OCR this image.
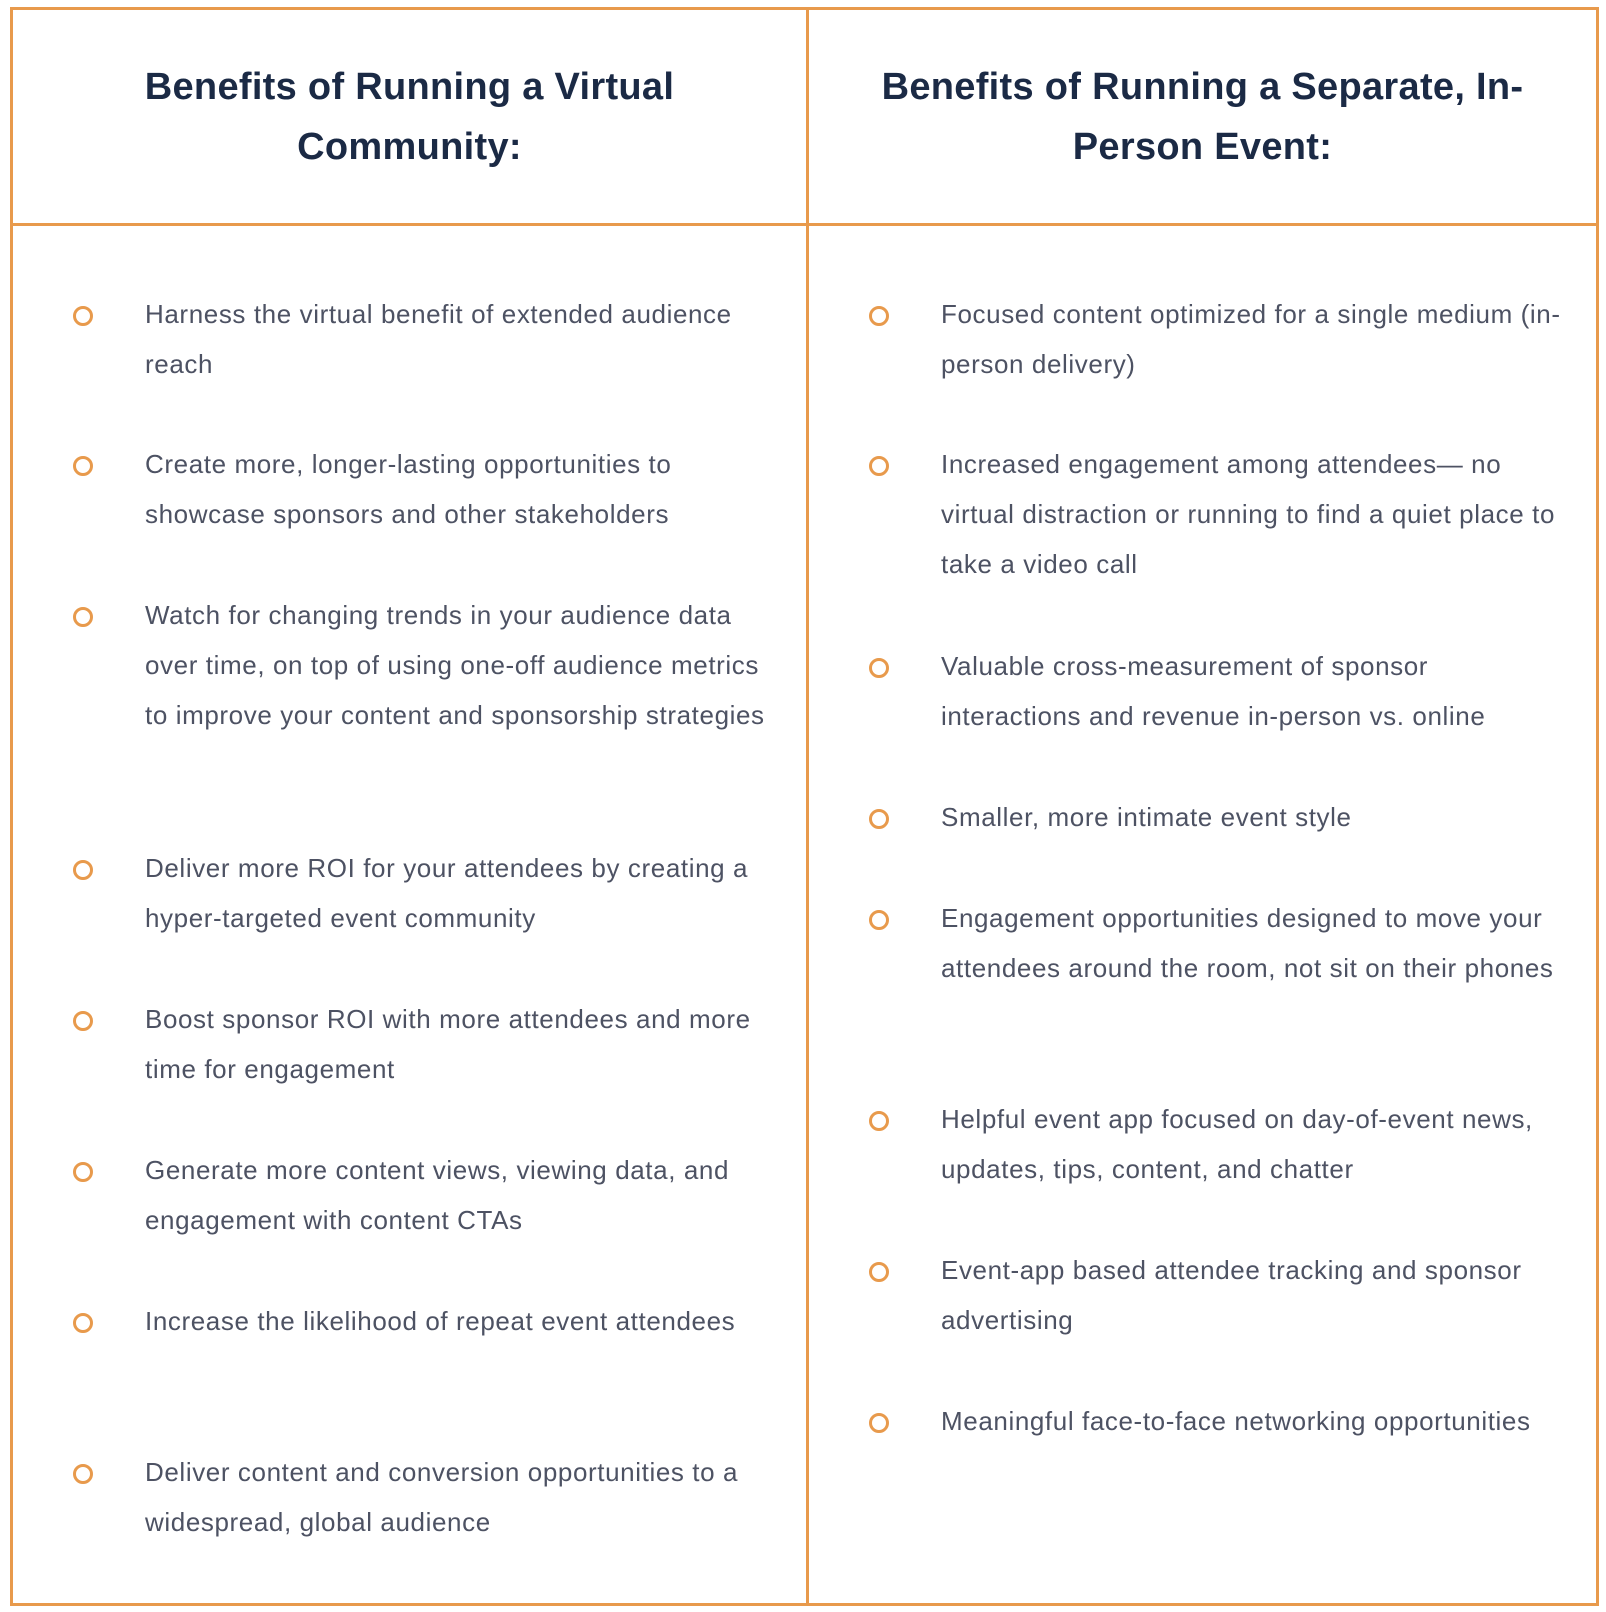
Benefits of Running a Virtual Community:
Benefits of Running a Separate, In-Person Event:
Harness the virtual benefit of extended audience reach
Create more, longer-lasting opportunities to showcase sponsors and other stakeholders
Watch for changing trends in your audience data over time, on top of using one-off audience metrics to improve your content and sponsorship strategies
Deliver more ROI for your attendees by creating a hyper-targeted event community
Boost sponsor ROI with more attendees and more time for engagement
Generate more content views, viewing data, and engagement with content CTAs
Increase the likelihood of repeat event attendees
Deliver content and conversion opportunities to a widespread, global audience
Focused content optimized for a single medium (in-person delivery)
Increased engagement among attendees— no virtual distraction or running to find a quiet place to take a video call
Valuable cross-measurement of sponsor interactions and revenue in-person vs. online
Smaller, more intimate event style
Engagement opportunities designed to move your attendees around the room, not sit on their phones
Helpful event app focused on day-of-event news, updates, tips, content, and chatter
Event-app based attendee tracking and sponsor advertising
Meaningful face-to-face networking opportunities
